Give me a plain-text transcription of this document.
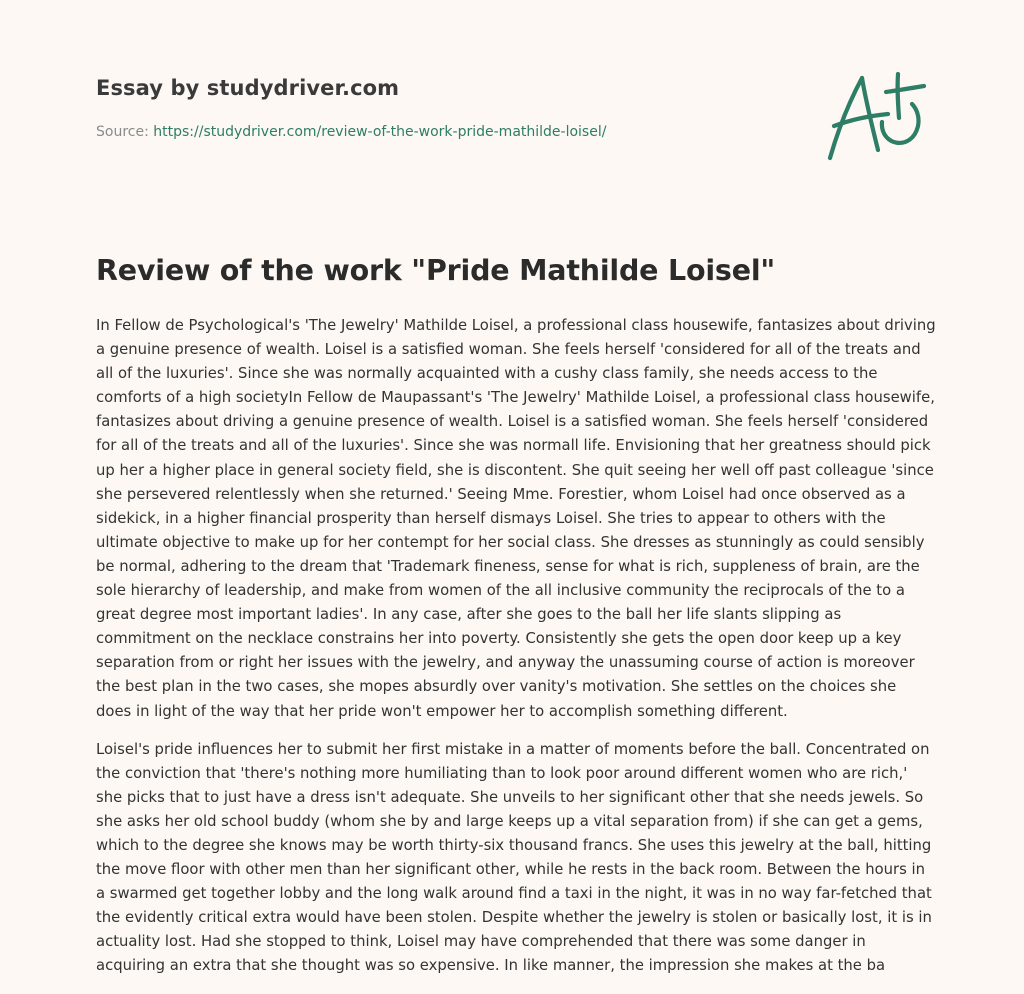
Essay by studydriver.com
Source: https://studydriver.com/review-of-the-work-pride-mathilde-loisel/
Review of the work "Pride Mathilde Loisel"

In Fellow de Psychological's 'The Jewelry' Mathilde Loisel, a professional class housewife, fantasizes about driving a genuine presence of wealth. Loisel is a satisfied woman. She feels herself 'considered for all of the treats and all of the luxuries'. Since she was normally acquainted with a cushy class family, she needs access to the comforts of a high societyIn Fellow de Maupassant's 'The Jewelry' Mathilde Loisel, a professional class housewife, fantasizes about driving a genuine presence of wealth. Loisel is a satisfied woman. She feels herself 'considered for all of the treats and all of the luxuries'. Since she was normall life. Envisioning that her greatness should pick up her a higher place in general society field, she is discontent. She quit seeing her well off past colleague 'since she persevered relentlessly when she returned.' Seeing Mme. Forestier, whom Loisel had once observed as a sidekick, in a higher financial prosperity than herself dismays Loisel. She tries to appear to others with the ultimate objective to make up for her contempt for her social class. She dresses as stunningly as could sensibly be normal, adhering to the dream that 'Trademark fineness, sense for what is rich, suppleness of brain, are the sole hierarchy of leadership, and make from women of the all inclusive community the reciprocals of the to a great degree most important ladies'. In any case, after she goes to the ball her life slants slipping as commitment on the necklace constrains her into poverty. Consistently she gets the open door keep up a key separation from or right her issues with the jewelry, and anyway the unassuming course of action is moreover the best plan in the two cases, she mopes absurdly over vanity's motivation. She settles on the choices she does in light of the way that her pride won't empower her to accomplish something different.

Loisel's pride influences her to submit her first mistake in a matter of moments before the ball. Concentrated on the conviction that 'there's nothing more humiliating than to look poor around different women who are rich,' she picks that to just have a dress isn't adequate. She unveils to her significant other that she needs jewels. So she asks her old school buddy (whom she by and large keeps up a vital separation from) if she can get a gems, which to the degree she knows may be worth thirty-six thousand francs. She uses this jewelry at the ball, hitting the move floor with other men than her significant other, while he rests in the back room. Between the hours in a swarmed get together lobby and the long walk around find a taxi in the night, it was in no way far-fetched that the evidently critical extra would have been stolen. Despite whether the jewelry is stolen or basically lost, it is in actuality lost. Had she stopped to think, Loisel may have comprehended that there was some danger in acquiring an extra that she thought was so expensive. In like manner, the impression she makes at the ba
